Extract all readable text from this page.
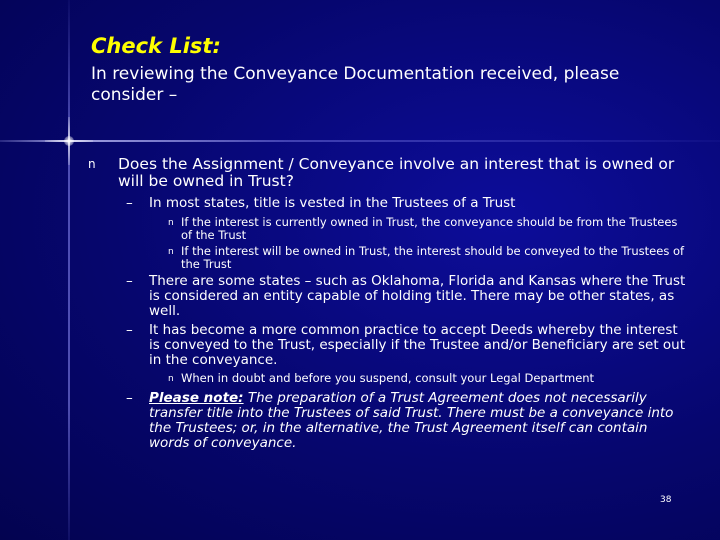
Check List:

In reviewing the Conveyance Documentation received, please consider –

n Does the Assignment / Conveyance involve an interest that is owned or will be owned in Trust?
– In most states, title is vested in the Trustees of a Trust
n If the interest is currently owned in Trust, the conveyance should be from the Trustees of the Trust
n If the interest will be owned in Trust, the interest should be conveyed to the Trustees of the Trust
– There are some states – such as Oklahoma, Florida and Kansas where the Trust is considered an entity capable of holding title. There may be other states, as well.
– It has become a more common practice to accept Deeds whereby the interest is conveyed to the Trust, especially if the Trustee and/or Beneficiary are set out in the conveyance.
n When in doubt and before you suspend, consult your Legal Department
– Please note: The preparation of a Trust Agreement does not necessarily transfer title into the Trustees of said Trust. There must be a conveyance into the Trustees; or, in the alternative, the Trust Agreement itself can contain words of conveyance.
38
